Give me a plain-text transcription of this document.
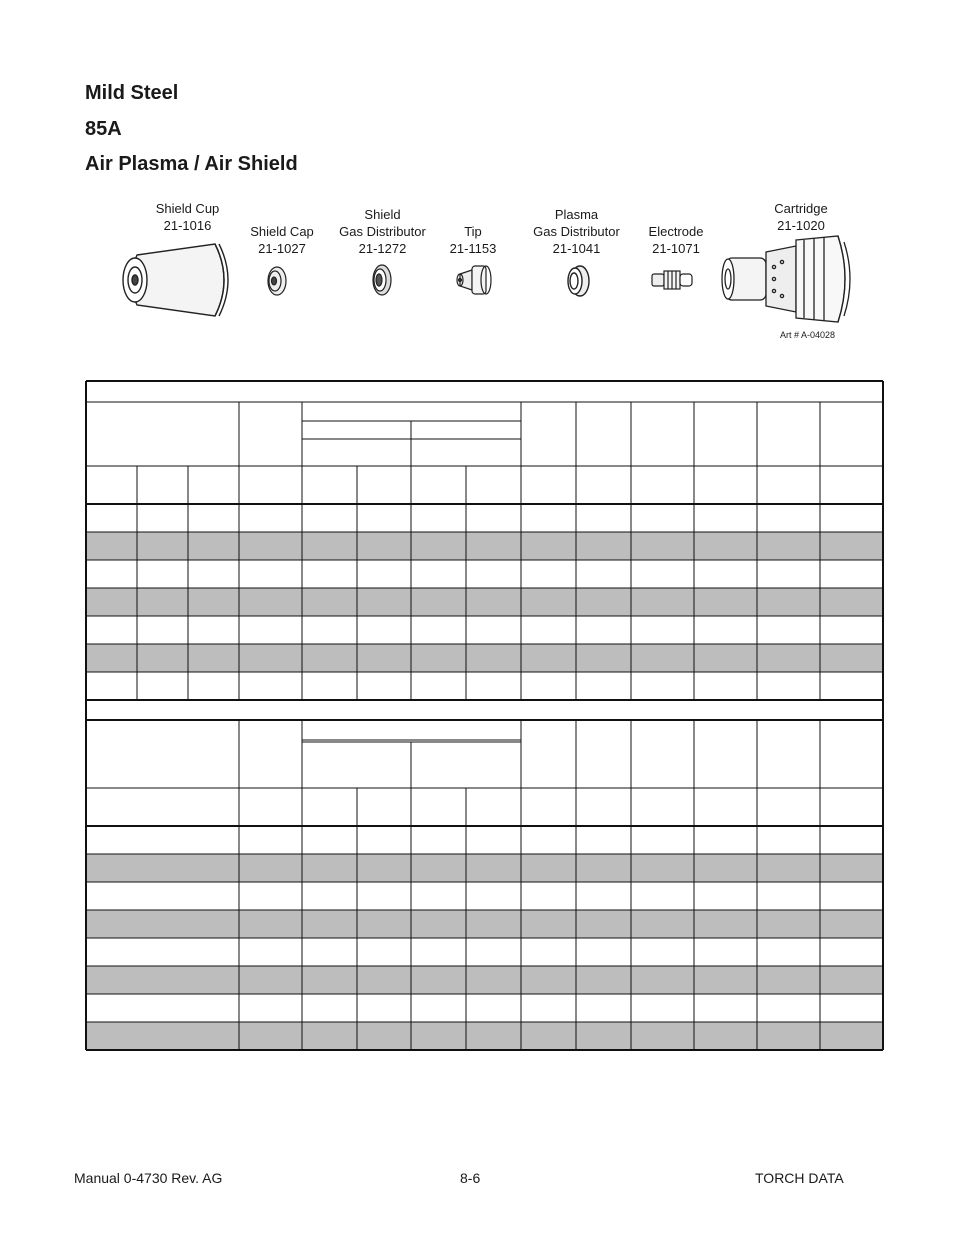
Mild Steel
85A
Air Plasma / Air Shield
Shield Cup
21-1016	Shield Cap
21-1027
Shield
Gas Distributor
21-1272
Tip
21-1153
Plasma
Gas Distributor
21-1041
Electrode
21-1071
Cartridge
21-1020
Art # A-04028
Manual 0-4730 Rev. AG	8-6	TORCH DATA
